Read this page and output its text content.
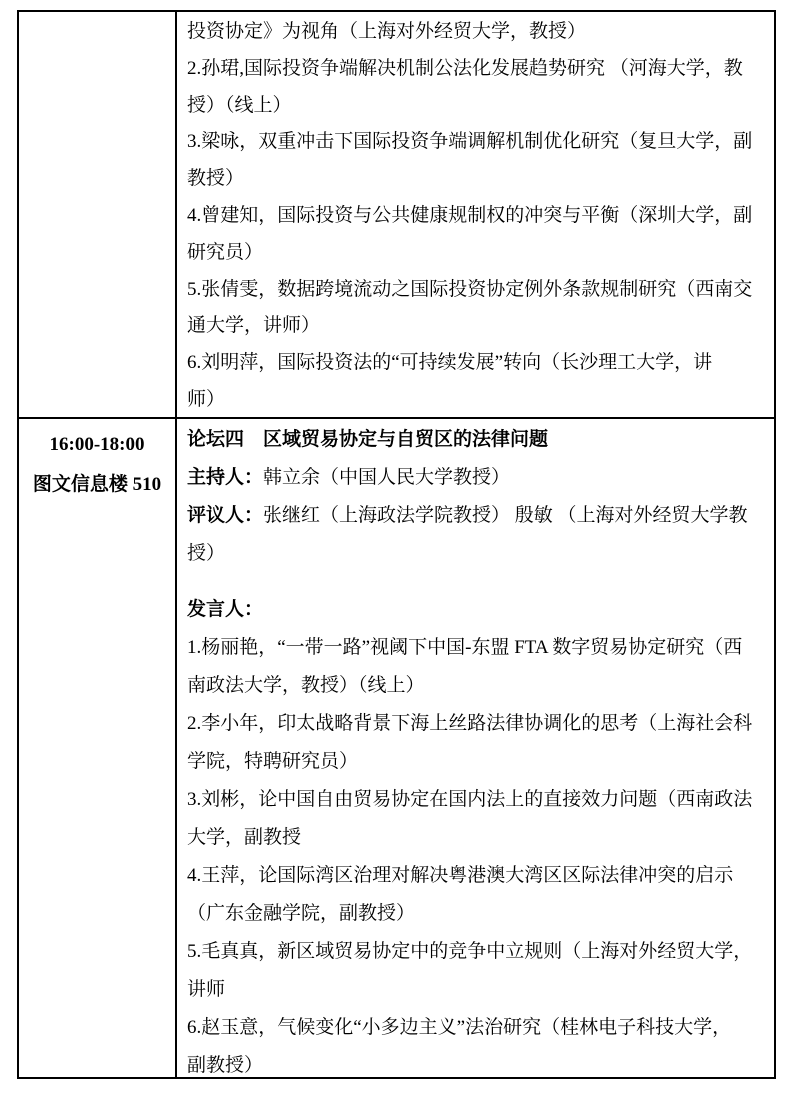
投资协定》为视角（上海对外经贸大学，教授）
2.孙珺,国际投资争端解决机制公法化发展趋势研究 （河海大学，教
授）（线上）
3.梁咏，双重冲击下国际投资争端调解机制优化研究（复旦大学，副
教授）
4.曾建知，国际投资与公共健康规制权的冲突与平衡（深圳大学，副
研究员）
5.张倩雯，数据跨境流动之国际投资协定例外条款规制研究（西南交
通大学，讲师）
6.刘明萍，国际投资法的“可持续发展”转向（长沙理工大学，讲
师）
16:00-18:00
图文信息楼 510
论坛四　区域贸易协定与自贸区的法律问题
主持人：韩立余（中国人民大学教授）
评议人：张继红（上海政法学院教授） 殷敏 （上海对外经贸大学教
授）
发言人：
1.杨丽艳，“一带一路”视阈下中国-东盟 FTA 数字贸易协定研究（西
南政法大学，教授）（线上）
2.李小年，印太战略背景下海上丝路法律协调化的思考（上海社会科
学院，特聘研究员）
3.刘彬，论中国自由贸易协定在国内法上的直接效力问题（西南政法
大学，副教授
4.王萍，论国际湾区治理对解决粤港澳大湾区区际法律冲突的启示
（广东金融学院，副教授）
5.毛真真，新区域贸易协定中的竞争中立规则（上海对外经贸大学，
讲师
6.赵玉意，气候变化“小多边主义”法治研究（桂林电子科技大学，
副教授）
